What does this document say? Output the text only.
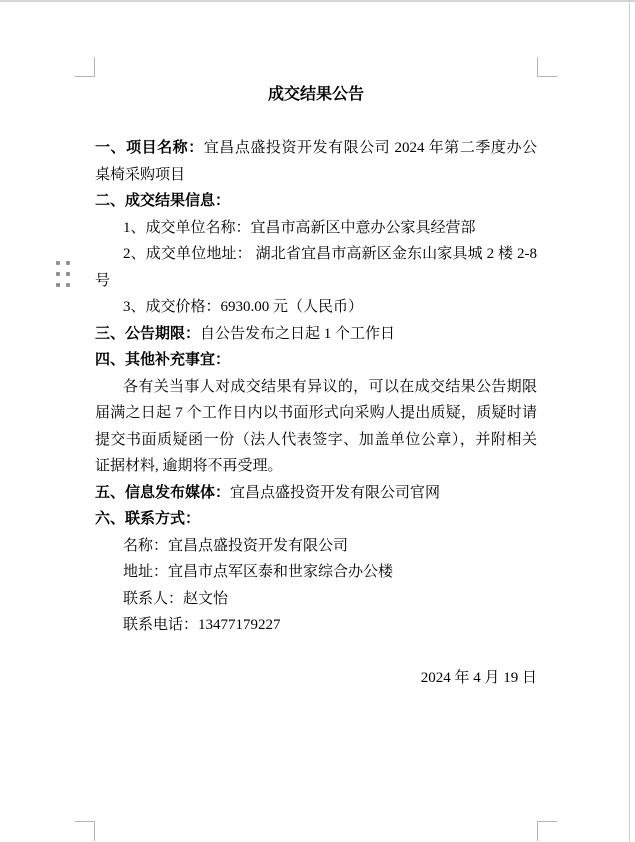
成交结果公告

一、项目名称：宜昌点盛投资开发有限公司 2024 年第二季度办公桌椅采购项目

二、成交结果信息：

1、成交单位名称：宜昌市高新区中意办公家具经营部

2、成交单位地址： 湖北省宜昌市高新区金东山家具城 2 楼 2-8 号

3、成交价格：6930.00 元（人民币）

三、公告期限：自公告发布之日起 1 个工作日

四、其他补充事宜：

各有关当事人对成交结果有异议的，可以在成交结果公告期限届满之日起 7 个工作日内以书面形式向采购人提出质疑，质疑时请提交书面质疑函一份（法人代表签字、加盖单位公章），并附相关证据材料, 逾期将不再受理。

五、信息发布媒体：宜昌点盛投资开发有限公司官网

六、联系方式：

名称：宜昌点盛投资开发有限公司

地址：宜昌市点军区泰和世家综合办公楼

联系人：赵文怡

联系电话：13477179227

2024 年 4 月 19 日
